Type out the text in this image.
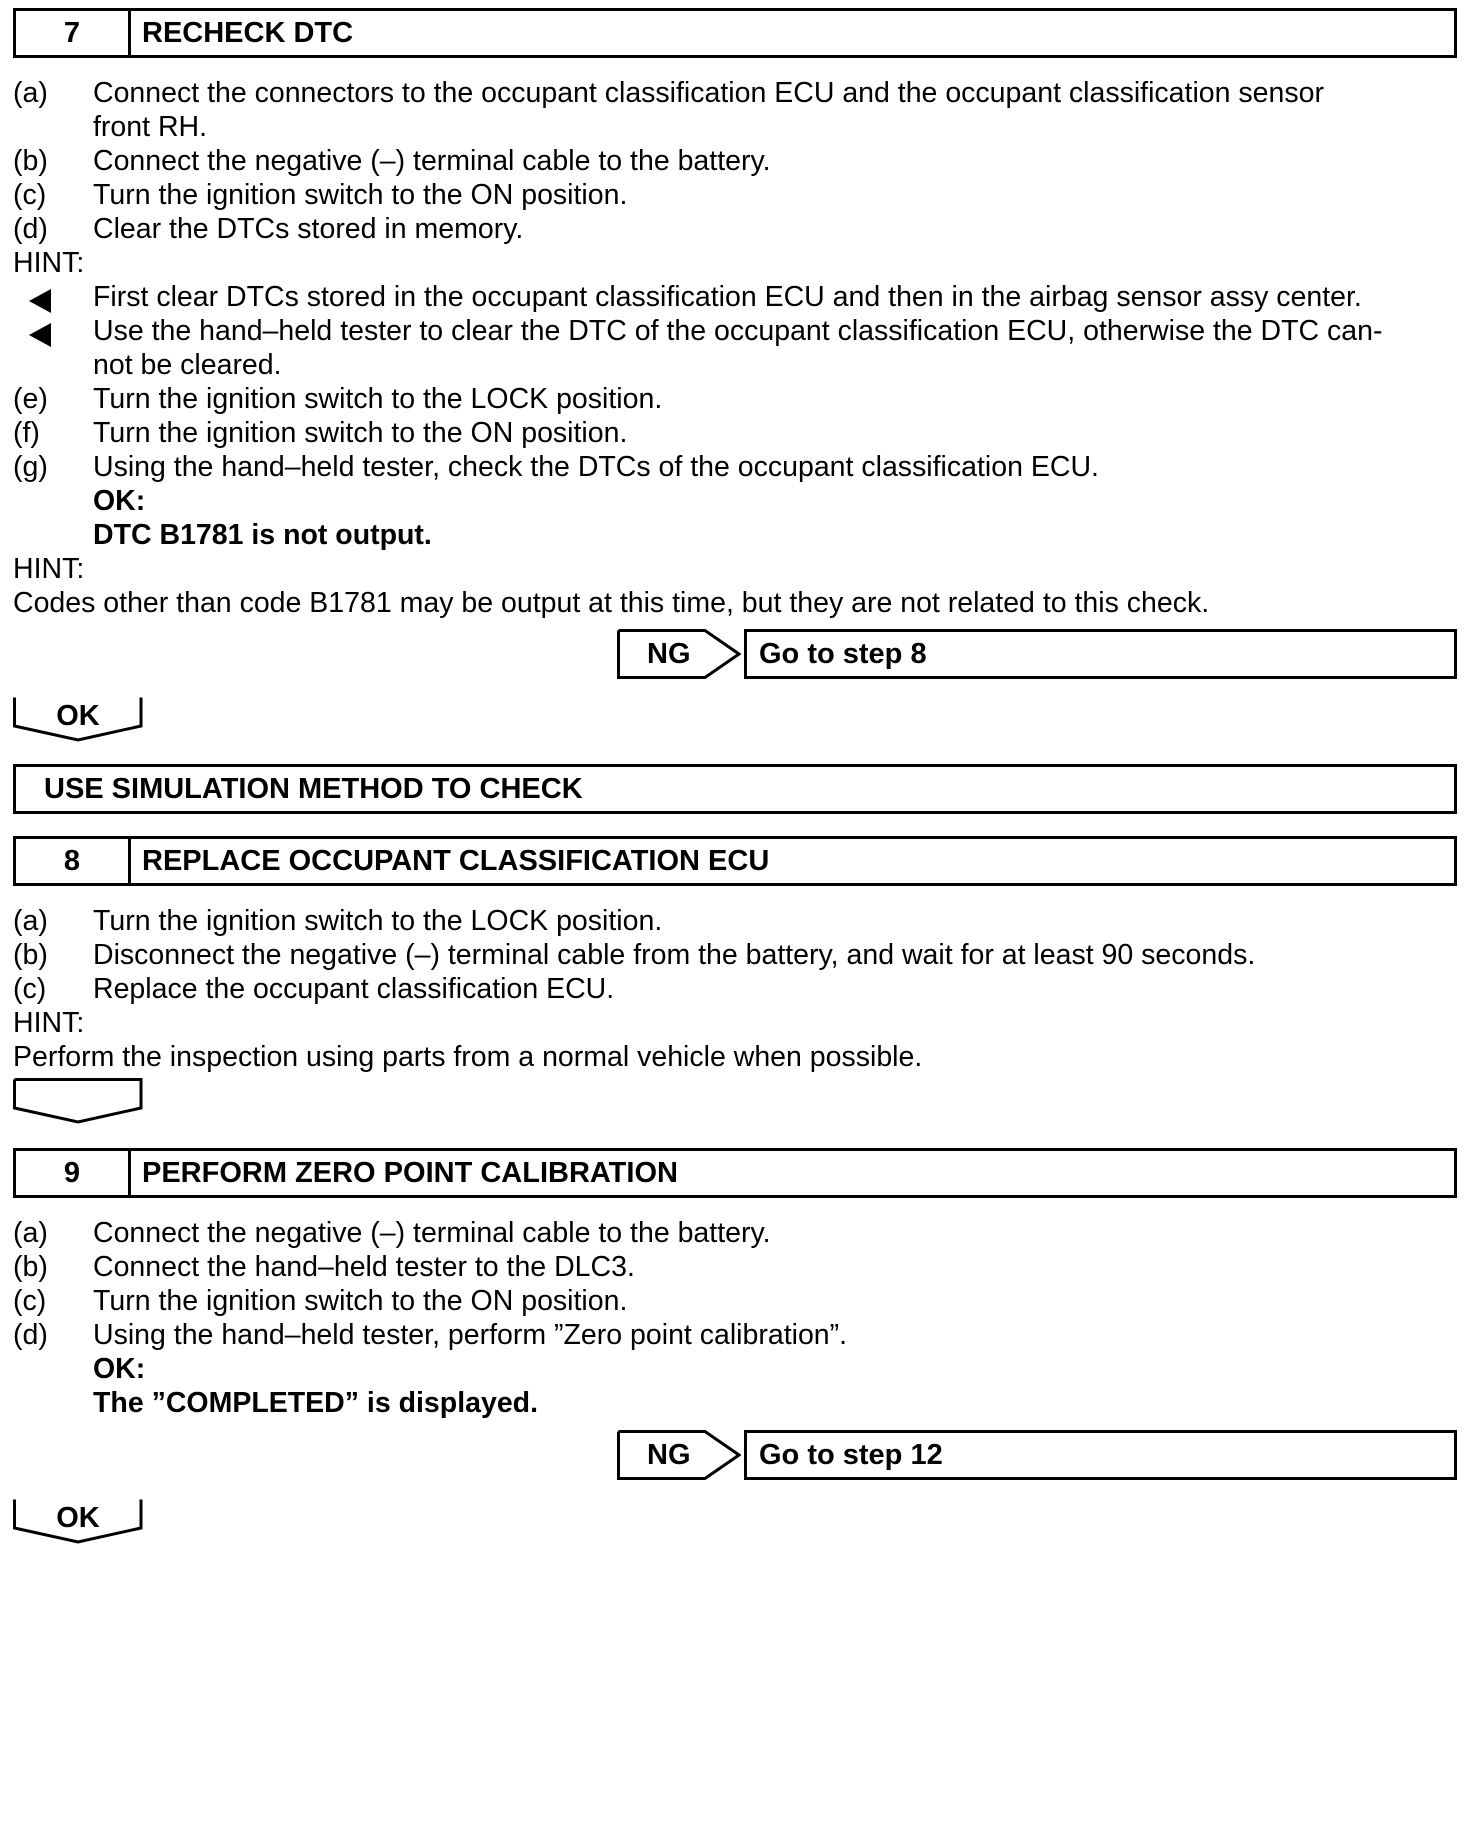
7	RECHECK DTC
(a) Connect the connectors to the occupant classification ECU and the occupant classification sensor
front RH.
(b) Connect the negative (–) terminal cable to the battery.
(c) Turn the ignition switch to the ON position.
(d) Clear the DTCs stored in memory.
HINT:
First clear DTCs stored in the occupant classification ECU and then in the airbag sensor assy center.
Use the hand–held tester to clear the DTC of the occupant classification ECU, otherwise the DTC can-
not be cleared.
(e) Turn the ignition switch to the LOCK position.
(f) Turn the ignition switch to the ON position.
(g) Using the hand–held tester, check the DTCs of the occupant classification ECU.
OK:
DTC B1781 is not output.
HINT:
Codes other than code B1781 may be output at this time, but they are not related to this check.
NG Go to step 8
OK
USE SIMULATION METHOD TO CHECK
8	REPLACE OCCUPANT CLASSIFICATION ECU
(a) Turn the ignition switch to the LOCK position.
(b) Disconnect the negative (–) terminal cable from the battery, and wait for at least 90 seconds.
(c) Replace the occupant classification ECU.
HINT:
Perform the inspection using parts from a normal vehicle when possible.
9	PERFORM ZERO POINT CALIBRATION
(a) Connect the negative (–) terminal cable to the battery.
(b) Connect the hand–held tester to the DLC3.
(c) Turn the ignition switch to the ON position.
(d) Using the hand–held tester, perform ”Zero point calibration”.
OK:
The ”COMPLETED” is displayed.
NG Go to step 12
OK
